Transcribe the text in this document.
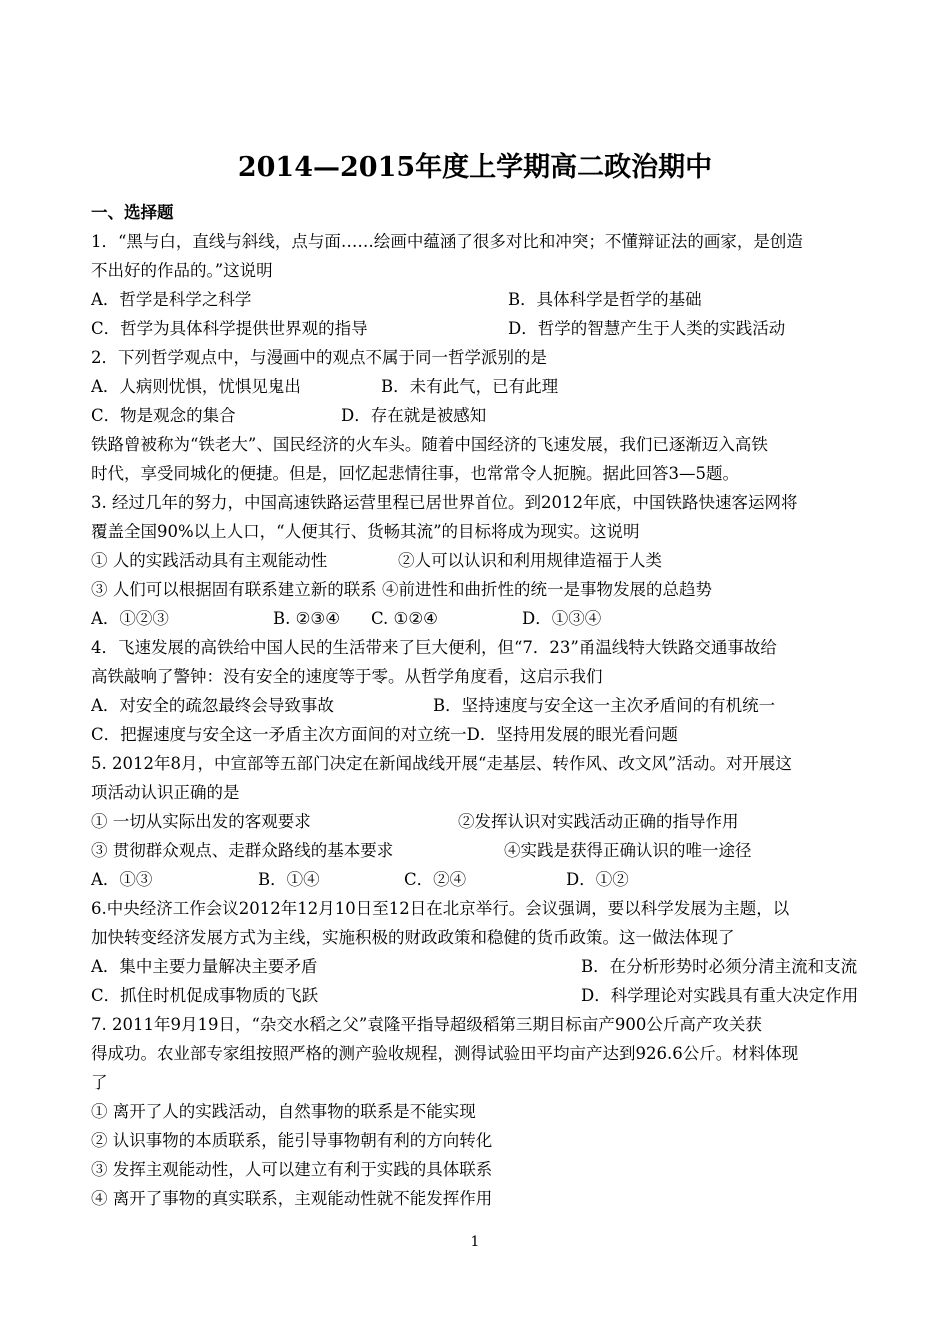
2014—2015年度上学期高二政治期中
一、选择题
1．“黑与白，直线与斜线，点与面……绘画中蕴涵了很多对比和冲突；不懂辩证法的画家，是创造
不出好的作品的。”这说明
A．哲学是科学之科学	B．具体科学是哲学的基础
C．哲学为具体科学提供世界观的指导	D．哲学的智慧产生于人类的实践活动
2．下列哲学观点中，与漫画中的观点不属于同一哲学派别的是
A．人病则忧惧，忧惧见鬼出	B．未有此气，已有此理
C．物是观念的集合	D．存在就是被感知
铁路曾被称为“铁老大”、国民经济的火车头。随着中国经济的飞速发展，我们已逐渐迈入高铁
时代，享受同城化的便捷。但是，回忆起悲情往事，也常常令人扼腕。据此回答3—5题。
3. 经过几年的努力，中国高速铁路运营里程已居世界首位。到2012年底，中国铁路快速客运网将
覆盖全国90%以上人口，“人便其行、货畅其流”的目标将成为现实。这说明
① 人的实践活动具有主观能动性	②人可以认识和利用规律造福于人类
③ 人们可以根据固有联系建立新的联系 ④前进性和曲折性的统一是事物发展的总趋势
A．①②③	B. ②③④ C. ①②④	D．①③④
4．飞速发展的高铁给中国人民的生活带来了巨大便利，但“7．23”甬温线特大铁路交通事故给
高铁敲响了警钟：没有安全的速度等于零。从哲学角度看，这启示我们
A．对安全的疏忽最终会导致事故	B．坚持速度与安全这一主次矛盾间的有机统一
C．把握速度与安全这一矛盾主次方面间的对立统一D．坚持用发展的眼光看问题
5. 2012年8月，中宣部等五部门决定在新闻战线开展“走基层、转作风、改文风”活动。对开展这
项活动认识正确的是
① 一切从实际出发的客观要求	②发挥认识对实践活动正确的指导作用
③ 贯彻群众观点、走群众路线的基本要求	④实践是获得正确认识的唯一途径
A．①③	B．①④	C．②④	D．①②
6.中央经济工作会议2012年12月10日至12日在北京举行。会议强调，要以科学发展为主题，以
加快转变经济发展方式为主线，实施积极的财政政策和稳健的货币政策。这一做法体现了
A．集中主要力量解决主要矛盾	B．在分析形势时必须分清主流和支流
C．抓住时机促成事物质的飞跃	D．科学理论对实践具有重大决定作用
7. 2011年9月19日，“杂交水稻之父”袁隆平指导超级稻第三期目标亩产900公斤高产攻关获
得成功。农业部专家组按照严格的测产验收规程，测得试验田平均亩产达到926.6公斤。材料体现
了
① 离开了人的实践活动，自然事物的联系是不能实现
② 认识事物的本质联系，能引导事物朝有利的方向转化
③ 发挥主观能动性，人可以建立有利于实践的具体联系
④ 离开了事物的真实联系，主观能动性就不能发挥作用
1
